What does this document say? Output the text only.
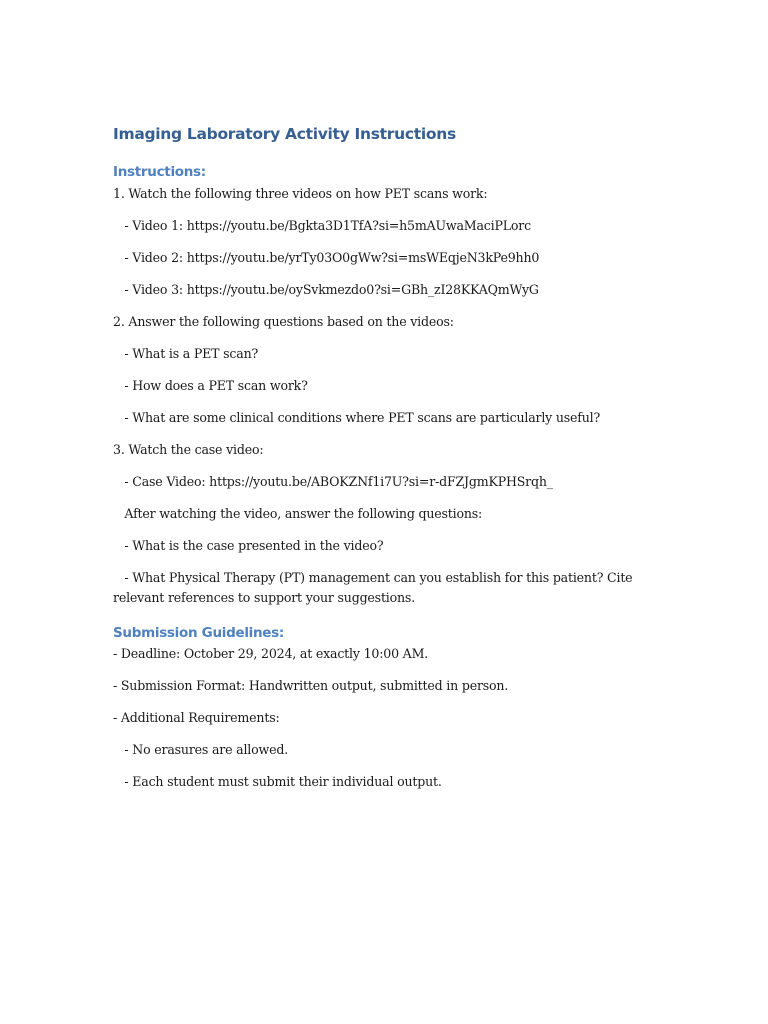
Imaging Laboratory Activity Instructions
Instructions:
1. Watch the following three videos on how PET scans work:
- Video 1: https://youtu.be/Bgkta3D1TfA?si=h5mAUwaMaciPLorc
- Video 2: https://youtu.be/yrTy03O0gWw?si=msWEqjeN3kPe9hh0
- Video 3: https://youtu.be/oySvkmezdo0?si=GBh_zI28KKAQmWyG
2. Answer the following questions based on the videos:
- What is a PET scan?
- How does a PET scan work?
- What are some clinical conditions where PET scans are particularly useful?
3. Watch the case video:
- Case Video: https://youtu.be/ABOKZNf1i7U?si=r-dFZJgmKPHSrqh_
After watching the video, answer the following questions:
- What is the case presented in the video?
- What Physical Therapy (PT) management can you establish for this patient? Cite relevant references to support your suggestions.
Submission Guidelines:
- Deadline: October 29, 2024, at exactly 10:00 AM.
- Submission Format: Handwritten output, submitted in person.
- Additional Requirements:
- No erasures are allowed.
- Each student must submit their individual output.
